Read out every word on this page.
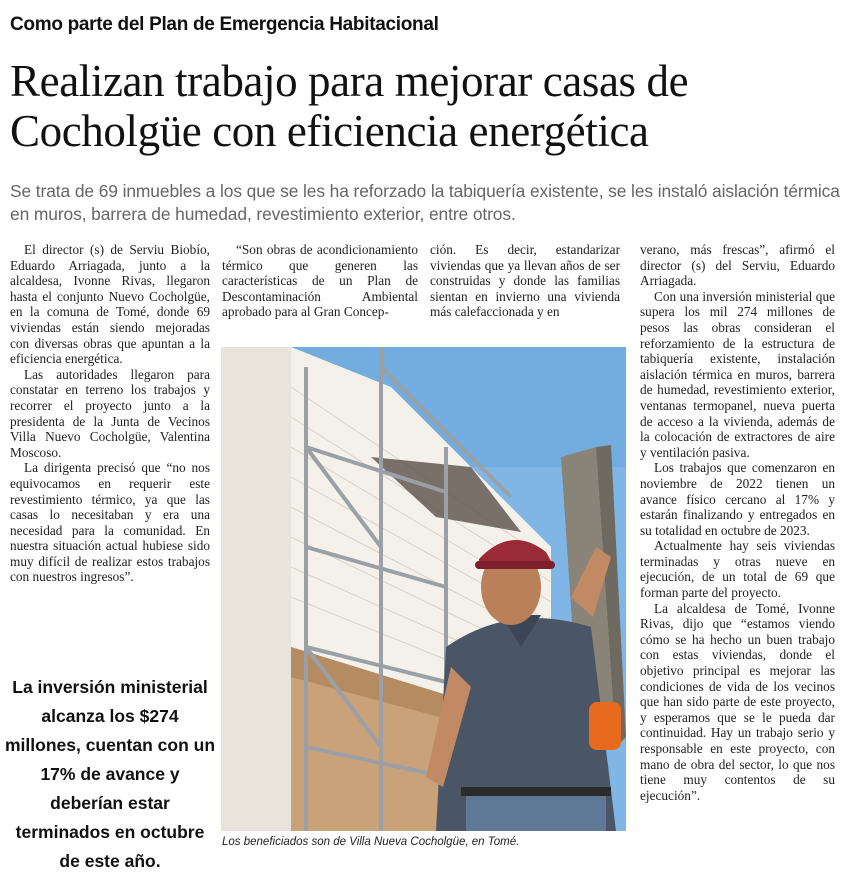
Como parte del Plan de Emergencia Habitacional
Realizan trabajo para mejorar casas de Cocholgüe con eficiencia energética
Se trata de 69 inmuebles a los que se les ha reforzado la tabiquería existente, se les instaló aislación térmica en muros, barrera de humedad, revestimiento exterior, entre otros.

El director (s) de Serviu Biobío, Eduardo Arriagada, junto a la alcaldesa, Ivonne Rivas, llegaron hasta el conjunto Nuevo Cocholgüe, en la comuna de Tomé, donde 69 viviendas están siendo mejoradas con diversas obras que apuntan a la eficiencia energética.

Las autoridades llegaron para constatar en terreno los trabajos y recorrer el proyecto junto a la presidenta de la Junta de Vecinos Villa Nuevo Cocholgüe, Valentina Moscoso.

La dirigenta precisó que “no nos equivocamos en requerir este revestimiento térmico, ya que las casas lo necesitaban y era una necesidad para la comunidad. En nuestra situación actual hubiese sido muy difícil de realizar estos trabajos con nuestros ingresos”.

“Son obras de acondicionamiento térmico que generen las características de un Plan de Descontaminación Ambiental aprobado para al Gran Concep-

ción. Es decir, estandarizar viviendas que ya llevan años de ser construidas y donde las familias sientan en invierno una vivienda más calefaccionada y en

verano, más frescas”, afirmó el director (s) del Serviu, Eduardo Arriagada.

Con una inversión ministerial que supera los mil 274 millones de pesos las obras consideran el reforzamiento de la estructura de tabiquería existente, instalación aislación térmica en muros, barrera de humedad, revestimiento exterior, ventanas termopanel, nueva puerta de acceso a la vivienda, además de la colocación de extractores de aire y ventilación pasiva.

Los trabajos que comenzaron en noviembre de 2022 tienen un avance físico cercano al 17% y estarán finalizando y entregados en su totalidad en octubre de 2023.

Actualmente hay seis viviendas terminadas y otras nueve en ejecución, de un total de 69 que forman parte del proyecto.

La alcaldesa de Tomé, Ivonne Rivas, dijo que “estamos viendo cómo se ha hecho un buen trabajo con estas viviendas, donde el objetivo principal es mejorar las condiciones de vida de los vecinos que han sido parte de este proyecto, y esperamos que se le pueda dar continuidad. Hay un trabajo serio y responsable en este proyecto, con mano de obra del sector, lo que nos tiene muy contentos de su ejecución”.

La inversión ministerial alcanza los $274 millones, cuentan con un 17% de avance y deberían estar terminados en octubre de este año.
Los beneficiados son de Villa Nueva Cocholgüe, en Tomé.
